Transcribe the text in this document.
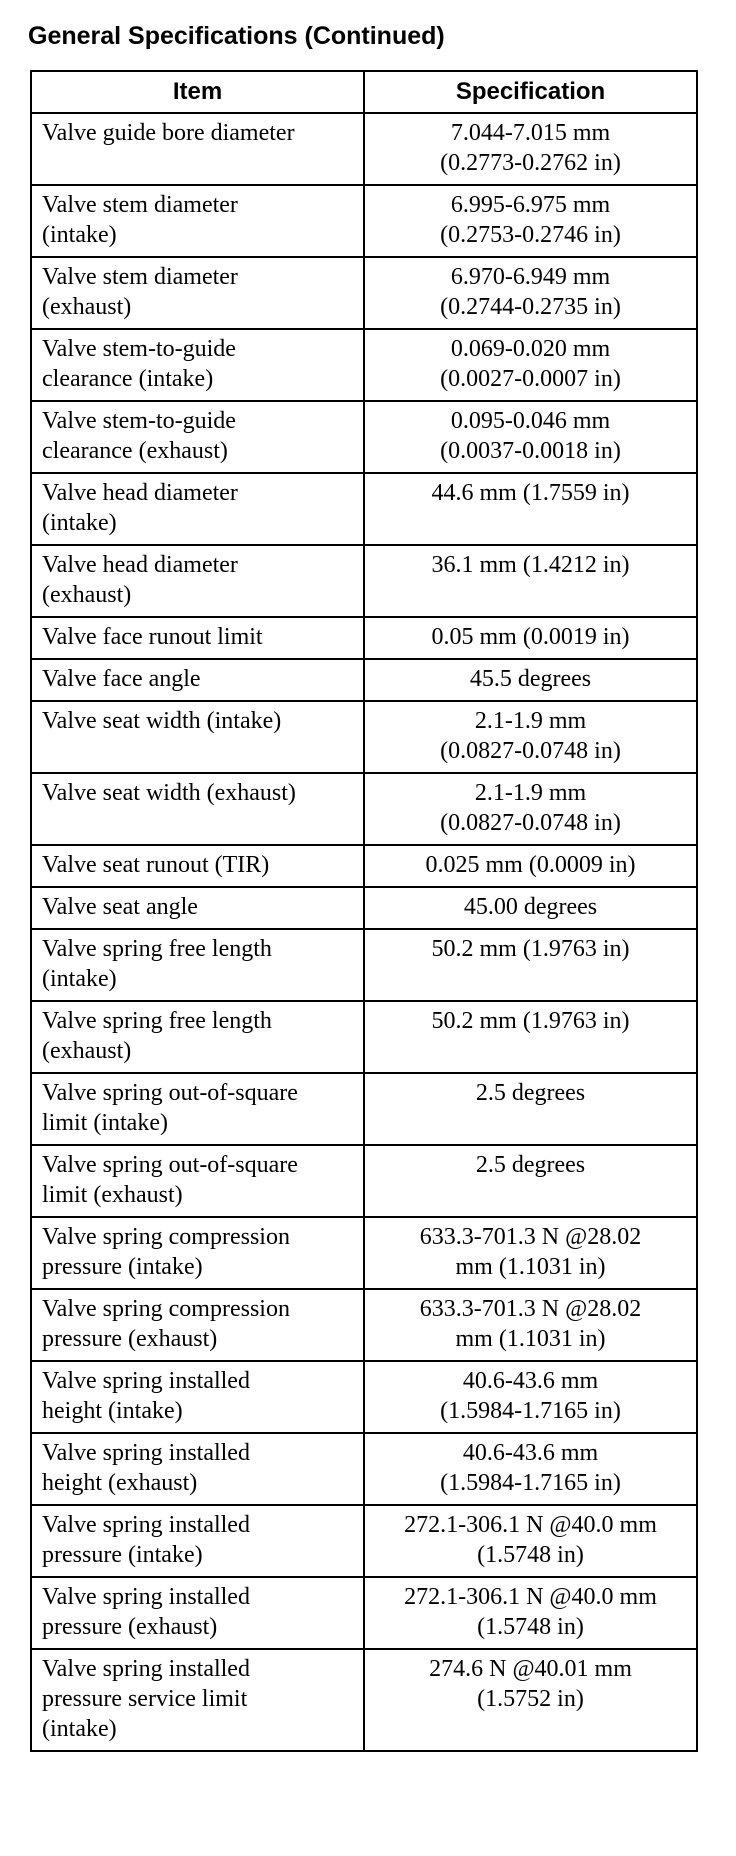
General Specifications (Continued)
Item	Specification

Valve guide bore diameter	7.044-7.015 mm
(0.2773-0.2762 in)

Valve stem diameter
(intake)	6.995-6.975 mm
(0.2753-0.2746 in)

Valve stem diameter
(exhaust)	6.970-6.949 mm
(0.2744-0.2735 in)

Valve stem-to-guide
clearance (intake)	0.069-0.020 mm
(0.0027-0.0007 in)

Valve stem-to-guide
clearance (exhaust)	0.095-0.046 mm
(0.0037-0.0018 in)

Valve head diameter
(intake)	44.6 mm (1.7559 in)

Valve head diameter
(exhaust)	36.1 mm (1.4212 in)

Valve face runout limit	0.05 mm (0.0019 in)

Valve face angle	45.5 degrees

Valve seat width (intake)	2.1-1.9 mm
(0.0827-0.0748 in)

Valve seat width (exhaust)	2.1-1.9 mm
(0.0827-0.0748 in)

Valve seat runout (TIR)	0.025 mm (0.0009 in)

Valve seat angle	45.00 degrees

Valve spring free length
(intake)	50.2 mm (1.9763 in)

Valve spring free length
(exhaust)	50.2 mm (1.9763 in)

Valve spring out-of-square
limit (intake)	2.5 degrees

Valve spring out-of-square
limit (exhaust)	2.5 degrees

Valve spring compression
pressure (intake)	633.3-701.3 N @28.02
mm (1.1031 in)

Valve spring compression
pressure (exhaust)	633.3-701.3 N @28.02
mm (1.1031 in)

Valve spring installed
height (intake)	40.6-43.6 mm
(1.5984-1.7165 in)

Valve spring installed
height (exhaust)	40.6-43.6 mm
(1.5984-1.7165 in)

Valve spring installed
pressure (intake)	272.1-306.1 N @40.0 mm
(1.5748 in)

Valve spring installed
pressure (exhaust)	272.1-306.1 N @40.0 mm
(1.5748 in)

Valve spring installed
pressure service limit
(intake)	274.6 N @40.01 mm
(1.5752 in)
